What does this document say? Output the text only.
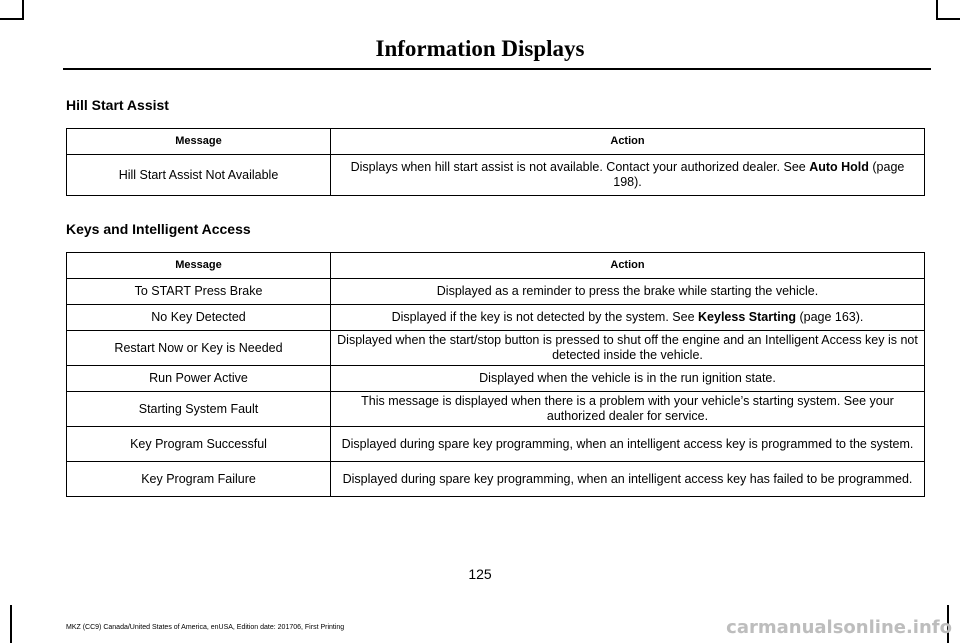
Information Displays
Hill Start Assist
Message	Action
Hill Start Assist Not Available	Displays when hill start assist is not available. Contact your authorized dealer. See Auto Hold (page 198).
Keys and Intelligent Access
Message	Action
To START Press Brake	Displayed as a reminder to press the brake while starting the vehicle.
No Key Detected	Displayed if the key is not detected by the system. See Keyless Starting (page 163).
Restart Now or Key is Needed	Displayed when the start/stop button is pressed to shut off the engine and an Intelligent Access key is not detected inside the vehicle.
Run Power Active	Displayed when the vehicle is in the run ignition state.
Starting System Fault	This message is displayed when there is a problem with your vehicle’s starting system. See your authorized dealer for service.
Key Program Successful	Displayed during spare key programming, when an intelligent access key is programmed to the system.
Key Program Failure	Displayed during spare key programming, when an intelligent access key has failed to be programmed.
125
MKZ (CC9) Canada/United States of America, enUSA, Edition date: 201706, First Printing	carmanualsonline.info
